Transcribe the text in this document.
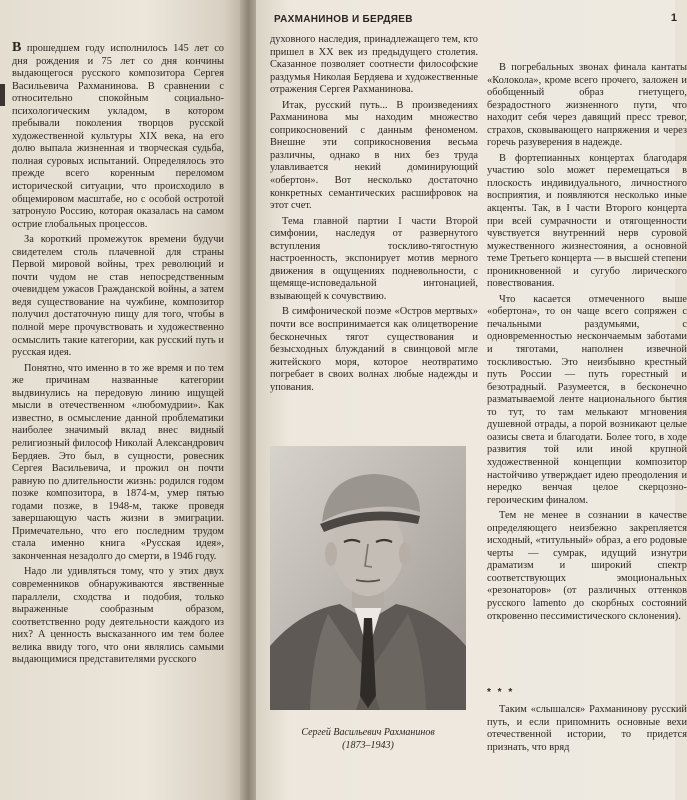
1
РАХМАНИНОВ И БЕРДЯЕВ

В прошедшем году исполнилось 145 лет со дня рождения и 75 лет со дня кончины выдающегося русского композитора Сергея Васильевича Рахманинова. В сравнении с относительно спокойным социально-психологическим укладом, в котором пребывали поколения творцов русской художественной культуры XIX века, на его долю выпала жизненная и творческая судьба, полная суровых испытаний. Определялось это прежде всего коренным переломом исторической ситуации, что происходило в общемировом масштабе, но с особой остротой затронуло Россию, которая оказалась на самом острие глобальных процессов.

За короткий промежуток времени будучи свидетелем столь плачевной для страны Первой мировой войны, трех революций и почти чудом не став непосредственным очевидцем ужасов Гражданской войны, а затем ведя существование на чужбине, композитор получил достаточную пищу для того, чтобы в полной мере прочувствовать и художественно осмыслить такие категории, как русский путь и русская идея.

Понятно, что именно в то же время и по тем же причинам названные категории выдвинулись на передовую линию ищущей мысли в отечественном «любомудрии». Как известно, в осмысление данной проблематики наиболее значимый вклад внес видный религиозный философ Николай Александрович Бердяев. Это был, в сущности, ровесник Сергея Васильевича, и прожил он почти равную по длительности жизнь: родился годом позже композитора, в 1874-м, умер пятью годами позже, в 1948-м, также проведя завершающую часть жизни в эмиграции. Примечательно, что его последним трудом стала именно книга «Русская идея», законченная незадолго до смерти, в 1946 году.

Надо ли удивляться тому, что у этих двух современников обнаруживаются явственные параллели, сходства и подобия, только выраженные сообразным образом, соответственно роду деятельности каждого из них? А ценность высказанного им тем более велика ввиду того, что они являлись самыми выдающимися представителями русского

духовного наследия, принадлежащего тем, кто пришел в XX век из предыдущего столетия. Сказанное позволяет соотнести философские раздумья Николая Бердяева и художественные отражения Сергея Рахманинова.

Итак, русский путь... В произведениях Рахманинова мы находим множество соприкосновений с данным феноменом. Внешне эти соприкосновения весьма различны, однако в них без труда улавливается некий доминирующий «обертон». Вот несколько достаточно конкретных семантических расшифровок на этот счет.

Тема главной партии I части Второй симфонии, наследуя от развернутого вступления тоскливо-тягостную настроенность, экспонирует мотив мерного движения в ощущениях подневольности, с щемяще-исповедальной интонацией, взывающей к сочувствию.

В симфонической поэме «Остров мертвых» почти все воспринимается как олицетворение бесконечных тягот существования и безысходных блужданий в свинцовой мгле житейского моря, которое неотвратимо погребает в своих волнах любые надежды и упования.

Сергей Васильевич Рахманинов
(1873–1943)

В погребальных звонах финала кантаты «Колокола», кроме всего прочего, заложен и обобщенный образ гнетущего, безрадостного жизненного пути, что находит себя через давящий пресс тревог, страхов, сковывающего напряжения и через горечь разуверения в надежде.

В фортепианных концертах благодаря участию solo может перемещаться в плоскость индивидуального, личностного восприятия, и появляются несколько иные акценты. Так, в I части Второго концерта при всей сумрачности и отягощенности чувствуется внутренний нерв суровой мужественного жизнестояния, а основной теме Третьего концерта — в высшей степени проникновенной и сугубо лирического повествования.

Что касается отмеченного выше «обертона», то он чаще всего сопряжен с печальными раздумьями, с одновременностью нескончаемым заботами и тяготами, наполнен извечной тоскливостью. Это неизбывно крестный путь России — путь горестный и безотрадный. Разумеется, в бесконечно разматываемой ленте национального бытия то тут, то там мелькают мгновения душевной отрады, а порой возникают целые оазисы света и благодати. Более того, в ходе развития той или иной крупной художественной концепции композитор настойчиво утверждает идею преодоления и нередко венчая целое скерцозно-героическим финалом.

Тем не менее в сознании в качестве определяющего неизбежно закрепляется исходный, «титульный» образ, а его родовые черты — сумрак, идущий изнутри драматизм и широкий спектр соответствующих эмоциональных «резонаторов» (от различных оттенков русского lamento до скорбных состояний откровенно пессимистического склонения).

* * *

Таким «слышался» Рахманинову русский путь, и если припомнить основные вехи отечественной истории, то придется признать, что вряд
